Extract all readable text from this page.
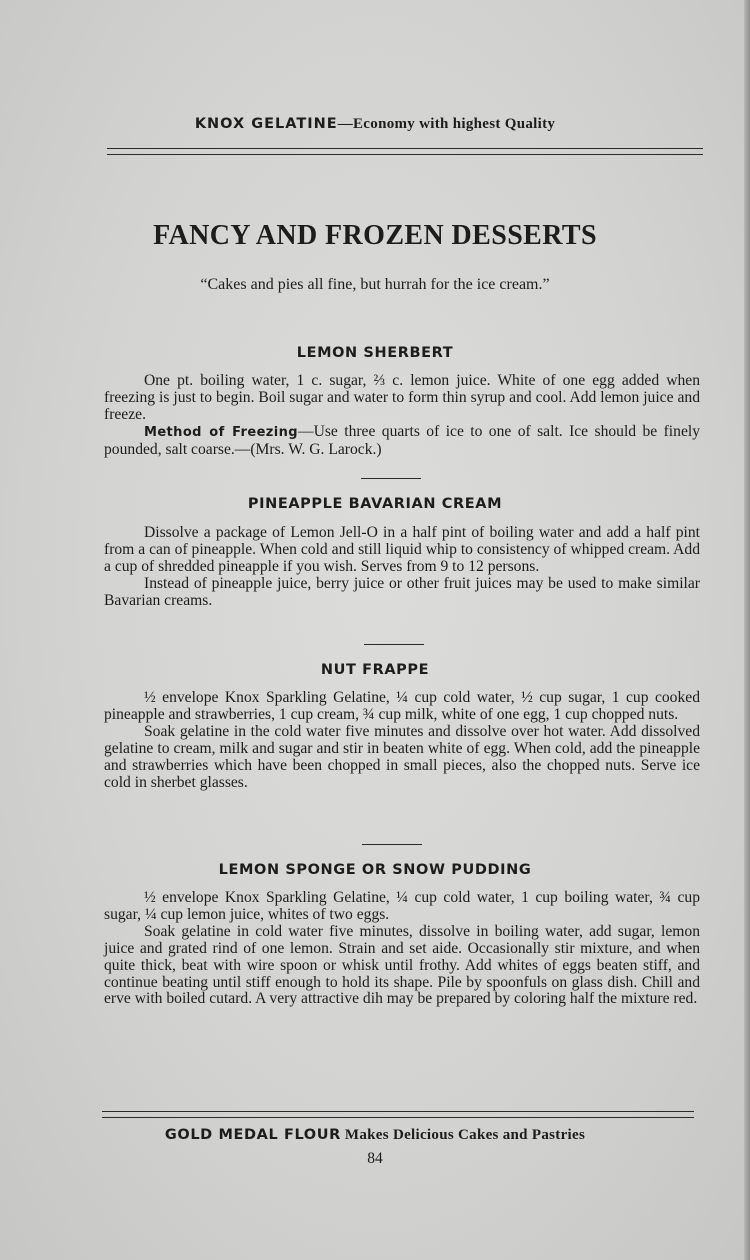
KNOX GELATINE—Economy with highest Quality
FANCY AND FROZEN DESSERTS
“Cakes and pies all fine, but hurrah for the ice cream.”
LEMON SHERBERT

One pt. boiling water, 1 c. sugar, ⅔ c. lemon juice. White of one egg added when freezing is just to begin. Boil sugar and water to form thin syrup and cool. Add lemon juice and freeze.

Method of Freezing—Use three quarts of ice to one of salt. Ice should be finely pounded, salt coarse.—(Mrs. W. G. Larock.)

PINEAPPLE BAVARIAN CREAM

Dissolve a package of Lemon Jell-O in a half pint of boiling water and add a half pint from a can of pineapple. When cold and still liquid whip to consistency of whipped cream. Add a cup of shredded pineapple if you wish. Serves from 9 to 12 persons.

Instead of pineapple juice, berry juice or other fruit juices may be used to make similar Bavarian creams.

NUT FRAPPE

½ envelope Knox Sparkling Gelatine, ¼ cup cold water, ½ cup sugar, 1 cup cooked pineapple and strawberries, 1 cup cream, ¾ cup milk, white of one egg, 1 cup chopped nuts.

Soak gelatine in the cold water five minutes and dissolve over hot water. Add dissolved gelatine to cream, milk and sugar and stir in beaten white of egg. When cold, add the pineapple and strawberries which have been chopped in small pieces, also the chopped nuts. Serve ice cold in sherbet glasses.

LEMON SPONGE OR SNOW PUDDING

½ envelope Knox Sparkling Gelatine, ¼ cup cold water, 1 cup boiling water, ¾ cup sugar, ¼ cup lemon juice, whites of two eggs.

Soak gelatine in cold water five minutes, dissolve in boiling water, add sugar, lemon juice and grated rind of one lemon. Strain and set aide. Occasionally stir mixture, and when quite thick, beat with wire spoon or whisk until frothy. Add whites of eggs beaten stiff, and continue beating until stiff enough to hold its shape. Pile by spoonfuls on glass dish. Chill and erve with boiled cutard. A very attractive dih may be prepared by coloring half the mixture red.

GOLD MEDAL FLOUR Makes Delicious Cakes and Pastries
84
